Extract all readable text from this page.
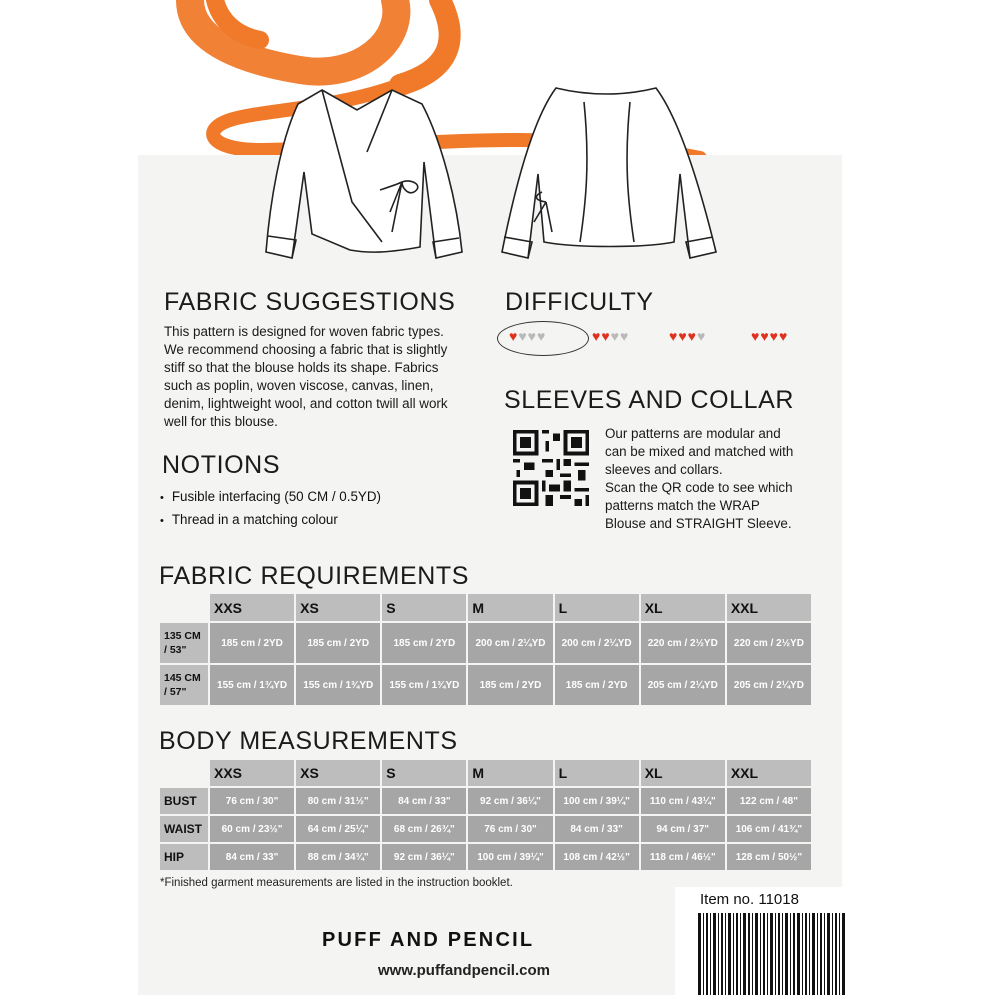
FABRIC SUGGESTIONS
This pattern is designed for woven fabric types.
We recommend choosing a fabric that is slightly
stiff so that the blouse holds its shape. Fabrics
such as poplin, woven viscose, canvas, linen,
denim, lightweight wool, and cotton twill all work
well for this blouse.
NOTIONS
• Fusible interfacing (50 CM / 0.5YD)
• Thread in a matching colour
DIFFICULTY
♥ ♥ ♥ ♥	♥ ♥ ♥ ♥	♥ ♥ ♥ ♥	♥ ♥ ♥ ♥
SLEEVES AND COLLAR
Our patterns are modular and
can be mixed and matched with
sleeves and collars.
Scan the QR code to see which
patterns match the WRAP
Blouse and STRAIGHT Sleeve.
FABRIC REQUIREMENTS
	XXS	XS	S	M	L	XL	XXL

135 CM
/ 53"	185 cm / 2YD	185 cm / 2YD	185 cm / 2YD	200 cm / 2¼YD	200 cm / 2¼YD	220 cm / 2½YD	220 cm / 2½YD

145 CM
/ 57"	155 cm / 1¾YD	155 cm / 1¾YD	155 cm / 1¾YD	185 cm / 2YD	185 cm / 2YD	205 cm / 2¼YD	205 cm / 2¼YD
BODY MEASUREMENTS
	XXS	XS	S	M	L	XL	XXL
BUST	76 cm / 30"	80 cm / 31½"	84 cm / 33"	92 cm / 36¼"	100 cm / 39¼"	110 cm / 43¼"	122 cm / 48"
WAIST	60 cm / 23½"	64 cm / 25¼"	68 cm / 26¾"	76 cm / 30"	84 cm / 33"	94 cm / 37"	106 cm / 41¾"
HIP	84 cm / 33"	88 cm / 34¾"	92 cm / 36¼"	100 cm / 39¼"	108 cm / 42½"	118 cm / 46½"	128 cm / 50½"
*Finished garment measurements are listed in the instruction booklet.
PUFF AND PENCIL
www.puffandpencil.com
Item no. 11018
